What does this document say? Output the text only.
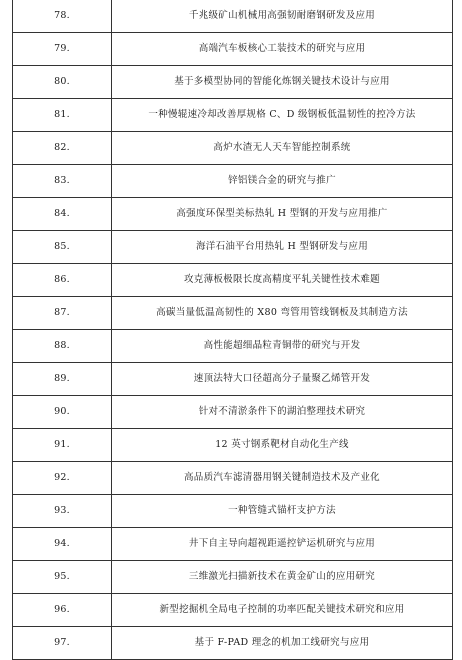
78.	千兆级矿山机械用高强韧耐磨钢研发及应用
79.	高端汽车板核心工装技术的研究与应用
80.	基于多模型协同的智能化炼钢关键技术设计与应用
81.	一种慢辊速冷却改善厚规格 C、D 级钢板低温韧性的控冷方法
82.	高炉水渣无人天车智能控制系统
83.	锌铝镁合金的研究与推广
84.	高强度环保型美标热轧 H 型钢的开发与应用推广
85.	海洋石油平台用热轧 H 型钢研发与应用
86.	攻克薄板极限长度高精度平轧关键性技术难题
87.	高碳当量低温高韧性的 X80 弯管用管线钢板及其制造方法
88.	高性能超细晶粒青铜带的研究与开发
89.	速顶法特大口径超高分子量聚乙烯管开发
90.	针对不清淤条件下的湖泊整理技术研究
91.	12 英寸钢系靶材自动化生产线
92.	高品质汽车滤清器用钢关键制造技术及产业化
93.	一种管缝式锚杆支护方法
94.	井下自主导向超视距遥控铲运机研究与应用
95.	三维激光扫描新技术在黄金矿山的应用研究
96.	新型挖掘机全局电子控制的功率匹配关键技术研究和应用
97.	基于 F-PAD 理念的机加工线研究与应用
